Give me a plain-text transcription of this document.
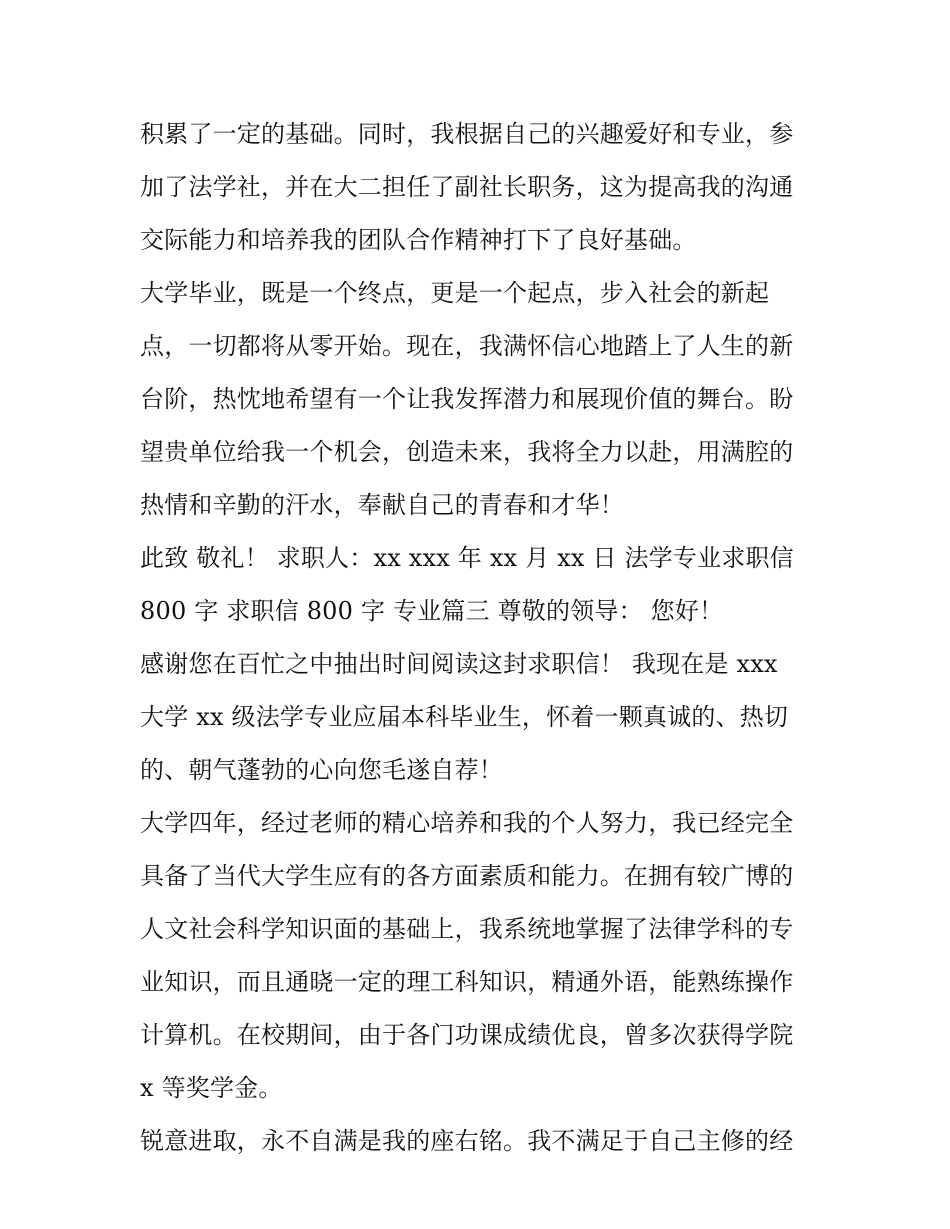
积累了一定的基础。同时，我根据自己的兴趣爱好和专业，参
加了法学社，并在大二担任了副社长职务，这为提高我的沟通
交际能力和培养我的团队合作精神打下了良好基础。
大学毕业，既是一个终点，更是一个起点，步入社会的新起
点，一切都将从零开始。现在，我满怀信心地踏上了人生的新
台阶，热忱地希望有一个让我发挥潜力和展现价值的舞台。盼
望贵单位给我一个机会，创造未来，我将全力以赴，用满腔的
热情和辛勤的汗水，奉献自己的青春和才华！
此致 敬礼！ 求职人：xx xxx 年 xx 月 xx 日 法学专业求职信
800 字 求职信 800 字 专业篇三 尊敬的领导： 您好！
感谢您在百忙之中抽出时间阅读这封求职信！ 我现在是 xxx
大学 xx 级法学专业应届本科毕业生，怀着一颗真诚的、热切
的、朝气蓬勃的心向您毛遂自荐！
大学四年，经过老师的精心培养和我的个人努力，我已经完全
具备了当代大学生应有的各方面素质和能力。在拥有较广博的
人文社会科学知识面的基础上，我系统地掌握了法律学科的专
业知识，而且通晓一定的理工科知识，精通外语，能熟练操作
计算机。在校期间，由于各门功课成绩优良，曾多次获得学院
x 等奖学金。
锐意进取，永不自满是我的座右铭。我不满足于自己主修的经
